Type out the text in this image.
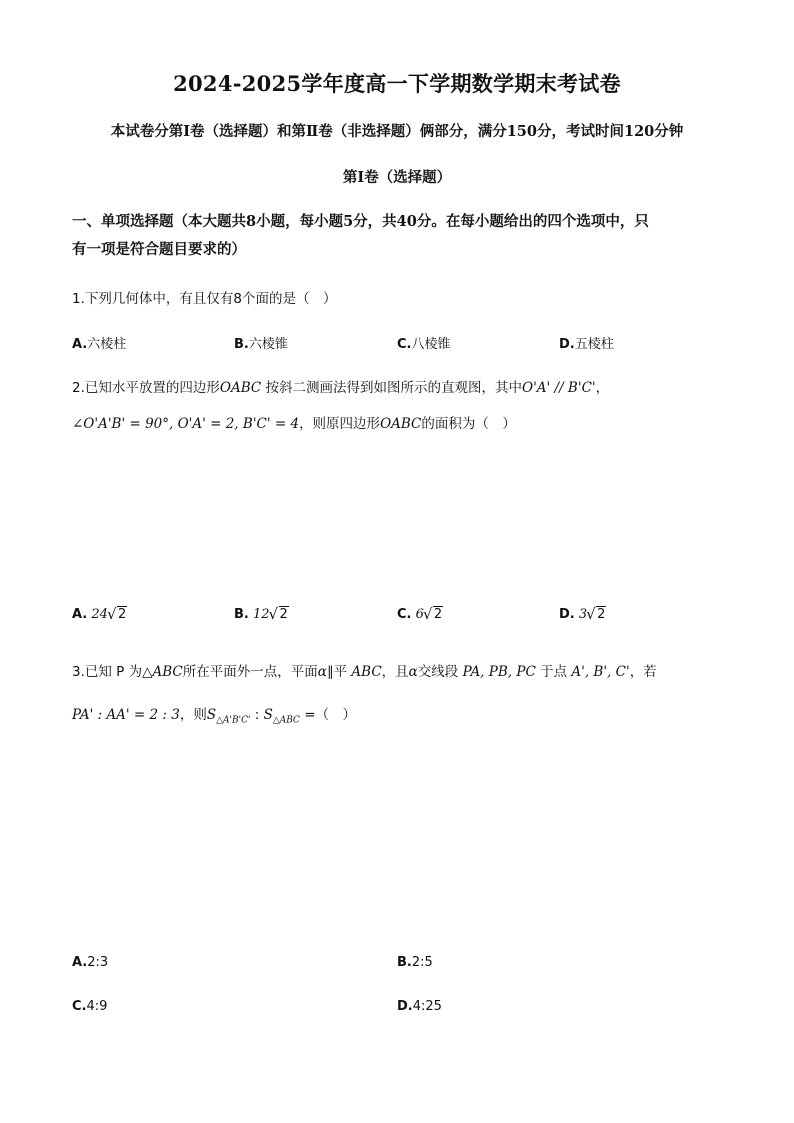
2024-2025学年度高一下学期数学期末考试卷
本试卷分第Ⅰ卷（选择题）和第Ⅱ卷（非选择题）俩部分，满分150分，考试时间120分钟
第Ⅰ卷（选择题）
一、单项选择题（本大题共8小题，每小题5分，共40分。在每小题给出的四个选项中，只
有一项是符合题目要求的）
1.下列几何体中，有且仅有8个面的是（　）
A.六棱柱	B.六棱锥	C.八棱锥	D.五棱柱
2.已知水平放置的四边形OABC 按斜二测画法得到如图所示的直观图，其中O'A' // B'C'，
∠O'A'B' = 90°, O'A' = 2, B'C' = 4，则原四边形OABC的面积为（　）
A. 24 √ 2	B. 12 √ 2	C. 6 √ 2	D. 3 √ 2
3.已知 P 为△ABC所在平面外一点，平面α∥平 ABC，且α交线段 PA, PB, PC 于点 A', B', C'，若
PA' : AA' = 2 : 3，则$S_{\triangle A'B'C'}$ : $S_{\triangle ABC}$ =（　）
A.2:3	B.2:5
C.4:9	D.4:25
